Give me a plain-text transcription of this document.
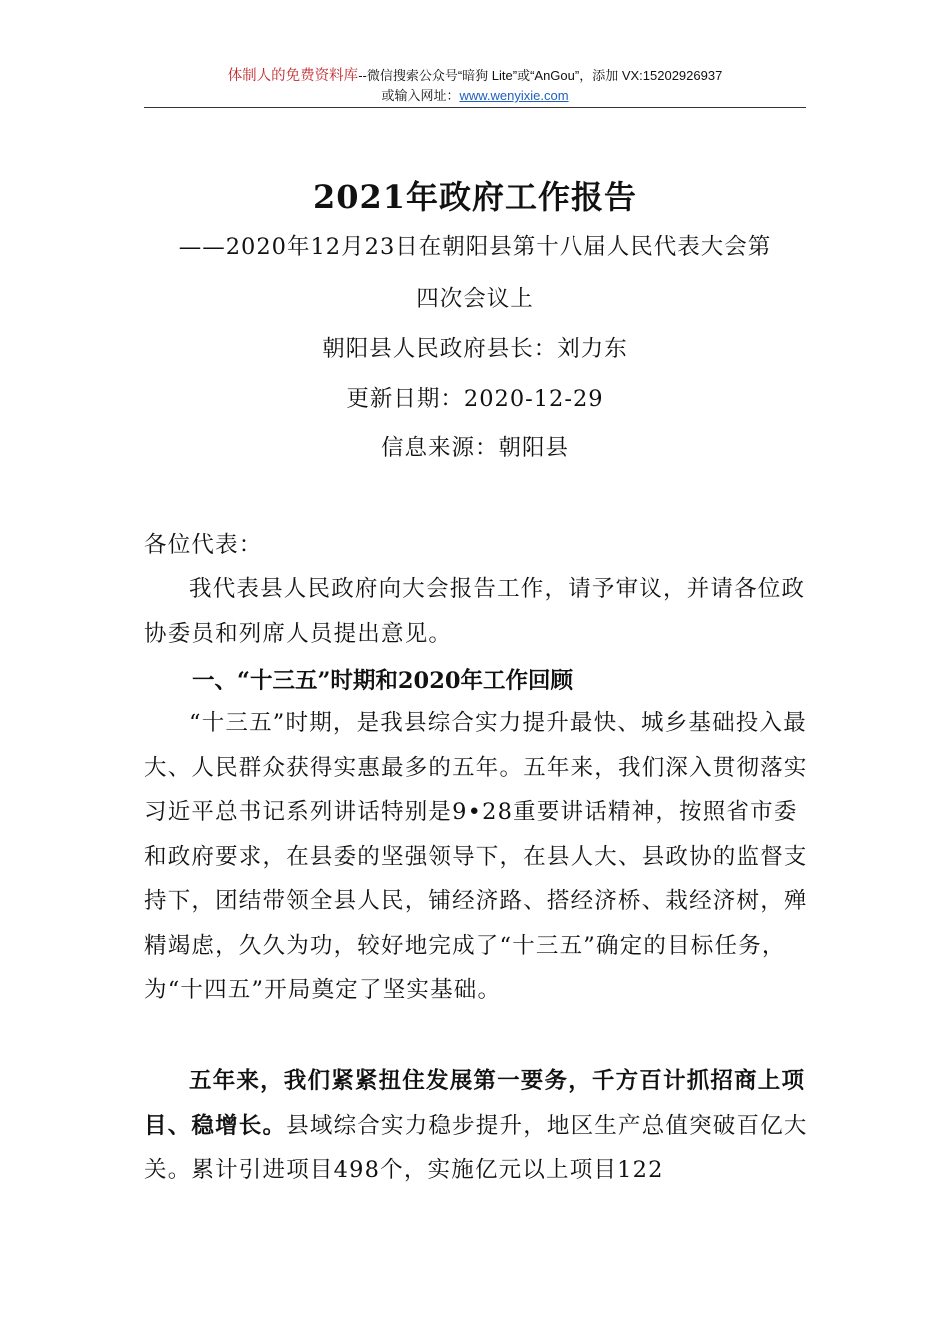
体制人的免费资料库--微信搜索公众号“暗狗 Lite”或“AnGou”，添加 VX:15202926937
或输入网址：www.wenyixie.com
2021年政府工作报告
——2020年12月23日在朝阳县第十八届人民代表大会第
四次会议上
朝阳县人民政府县长：刘力东
更新日期：2020-12-29
信息来源：朝阳县
各位代表：
我代表县人民政府向大会报告工作，请予审议，并请各位政协委员和列席人员提出意见。
一、“十三五”时期和2020年工作回顾
“十三五”时期，是我县综合实力提升最快、城乡基础投入最大、人民群众获得实惠最多的五年。五年来，我们深入贯彻落实习近平总书记系列讲话特别是9•28重要讲话精神，按照省市委和政府要求，在县委的坚强领导下，在县人大、县政协的监督支持下，团结带领全县人民，铺经济路、搭经济桥、栽经济树，殚精竭虑，久久为功，较好地完成了“十三五”确定的目标任务，为“十四五”开局奠定了坚实基础。
五年来，我们紧紧扭住发展第一要务，千方百计抓招商上项目、稳增长。县域综合实力稳步提升，地区生产总值突破百亿大关。累计引进项目498个，实施亿元以上项目122
